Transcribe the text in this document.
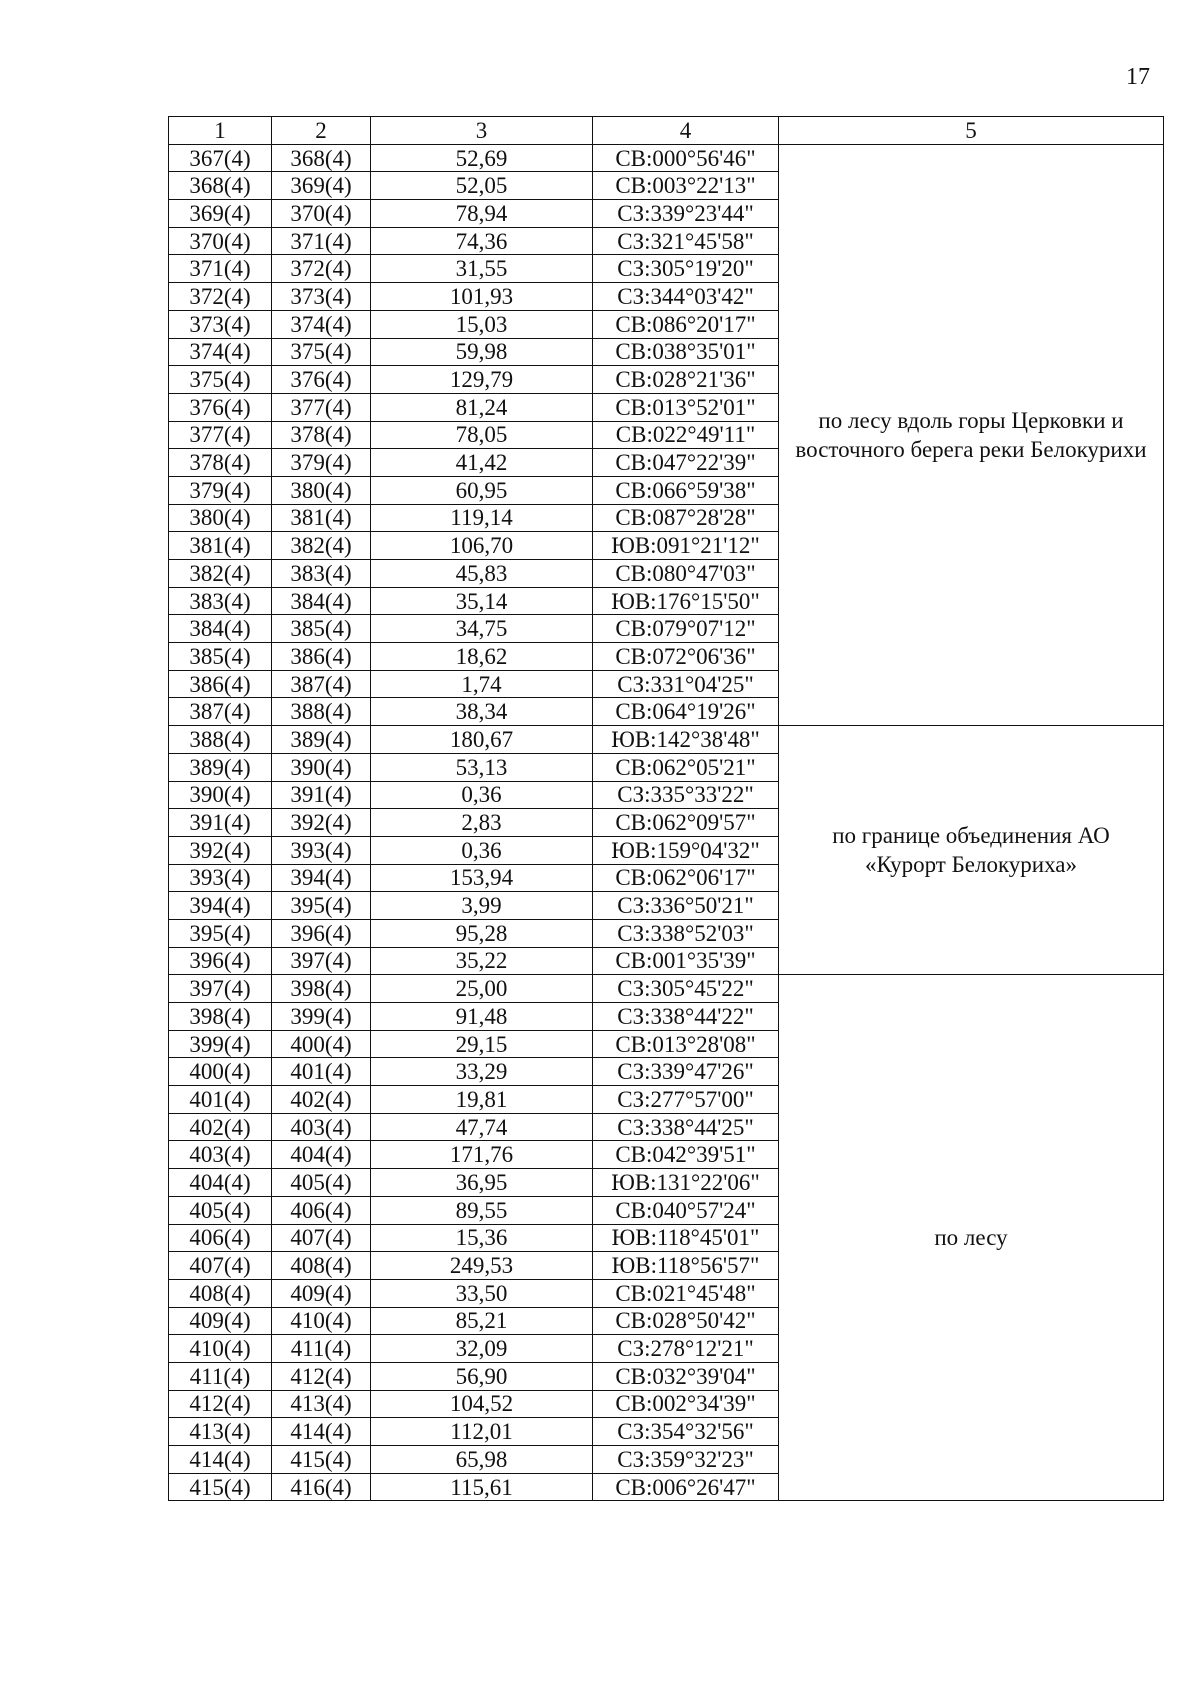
17
1	2	3	4	5
367(4)	368(4)	52,69	СВ:000°56'46"	по лесу вдоль горы Церковки и восточного берега реки Белокурихи
368(4)	369(4)	52,05	СВ:003°22'13"	
369(4)	370(4)	78,94	СЗ:339°23'44"	
370(4)	371(4)	74,36	СЗ:321°45'58"	
371(4)	372(4)	31,55	СЗ:305°19'20"	
372(4)	373(4)	101,93	СЗ:344°03'42"	
373(4)	374(4)	15,03	СВ:086°20'17"	
374(4)	375(4)	59,98	СВ:038°35'01"	
375(4)	376(4)	129,79	СВ:028°21'36"	
376(4)	377(4)	81,24	СВ:013°52'01"	
377(4)	378(4)	78,05	СВ:022°49'11"	
378(4)	379(4)	41,42	СВ:047°22'39"	
379(4)	380(4)	60,95	СВ:066°59'38"	
380(4)	381(4)	119,14	СВ:087°28'28"	
381(4)	382(4)	106,70	ЮВ:091°21'12"	
382(4)	383(4)	45,83	СВ:080°47'03"	
383(4)	384(4)	35,14	ЮВ:176°15'50"	
384(4)	385(4)	34,75	СВ:079°07'12"	
385(4)	386(4)	18,62	СВ:072°06'36"	
386(4)	387(4)	1,74	СЗ:331°04'25"	
387(4)	388(4)	38,34	СВ:064°19'26"	
388(4)	389(4)	180,67	ЮВ:142°38'48"	по границе объединения АО «Курорт Белокуриха»
389(4)	390(4)	53,13	СВ:062°05'21"	
390(4)	391(4)	0,36	СЗ:335°33'22"	
391(4)	392(4)	2,83	СВ:062°09'57"	
392(4)	393(4)	0,36	ЮВ:159°04'32"	
393(4)	394(4)	153,94	СВ:062°06'17"	
394(4)	395(4)	3,99	СЗ:336°50'21"	
395(4)	396(4)	95,28	СЗ:338°52'03"	
396(4)	397(4)	35,22	СВ:001°35'39"	
397(4)	398(4)	25,00	СЗ:305°45'22"	по лесу
398(4)	399(4)	91,48	СЗ:338°44'22"	
399(4)	400(4)	29,15	СВ:013°28'08"	
400(4)	401(4)	33,29	СЗ:339°47'26"	
401(4)	402(4)	19,81	СЗ:277°57'00"	
402(4)	403(4)	47,74	СЗ:338°44'25"	
403(4)	404(4)	171,76	СВ:042°39'51"	
404(4)	405(4)	36,95	ЮВ:131°22'06"	
405(4)	406(4)	89,55	СВ:040°57'24"	
406(4)	407(4)	15,36	ЮВ:118°45'01"	
407(4)	408(4)	249,53	ЮВ:118°56'57"	
408(4)	409(4)	33,50	СВ:021°45'48"	
409(4)	410(4)	85,21	СВ:028°50'42"	
410(4)	411(4)	32,09	СЗ:278°12'21"	
411(4)	412(4)	56,90	СВ:032°39'04"	
412(4)	413(4)	104,52	СВ:002°34'39"	
413(4)	414(4)	112,01	СЗ:354°32'56"	
414(4)	415(4)	65,98	СЗ:359°32'23"	
415(4)	416(4)	115,61	СВ:006°26'47"	
